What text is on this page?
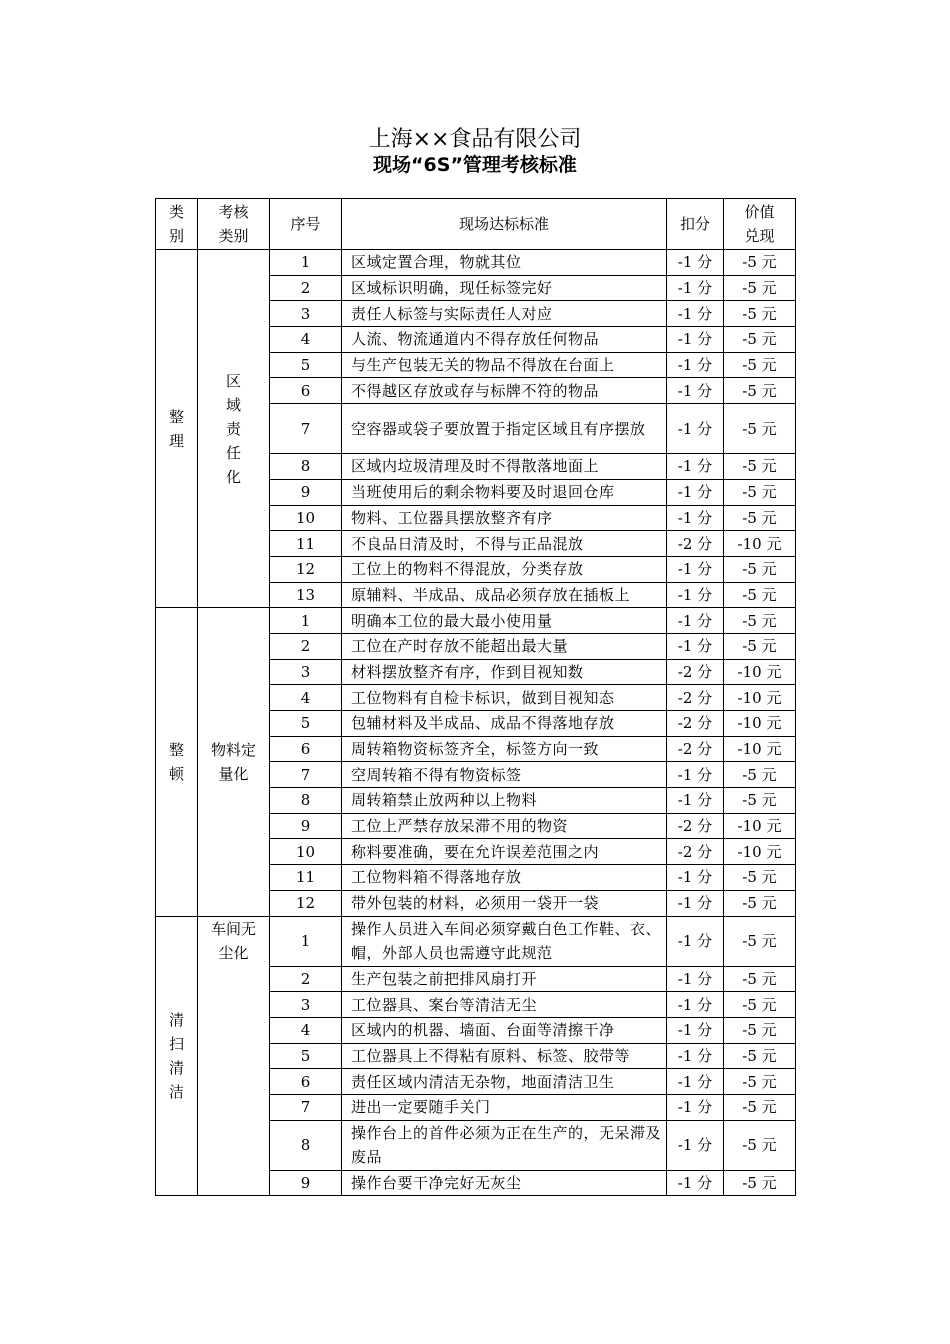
上海××食品有限公司
现场“6S”管理考核标准
类别	考核类别	序号	现场达标标准	扣分	价值兑现
整理	区域责任化	1	区域定置合理，物就其位	-1 分	-5 元
		2	区域标识明确，现任标签完好	-1 分	-5 元
		3	责任人标签与实际责任人对应	-1 分	-5 元
		4	人流、物流通道内不得存放任何物品	-1 分	-5 元
		5	与生产包装无关的物品不得放在台面上	-1 分	-5 元
		6	不得越区存放或存与标牌不符的物品	-1 分	-5 元
		7	空容器或袋子要放置于指定区域且有序摆放	-1 分	-5 元
		8	区域内垃圾清理及时不得散落地面上	-1 分	-5 元
		9	当班使用后的剩余物料要及时退回仓库	-1 分	-5 元
		10	物料、工位器具摆放整齐有序	-1 分	-5 元
		11	不良品日清及时，不得与正品混放	-2 分	-10 元
		12	工位上的物料不得混放，分类存放	-1 分	-5 元
		13	原辅料、半成品、成品必须存放在插板上	-1 分	-5 元
整顿	物料定量化	1	明确本工位的最大最小使用量	-1 分	-5 元
		2	工位在产时存放不能超出最大量	-1 分	-5 元
		3	材料摆放整齐有序，作到目视知数	-2 分	-10 元
		4	工位物料有自检卡标识，做到目视知态	-2 分	-10 元
		5	包辅材料及半成品、成品不得落地存放	-2 分	-10 元
		6	周转箱物资标签齐全，标签方向一致	-2 分	-10 元
		7	空周转箱不得有物资标签	-1 分	-5 元
		8	周转箱禁止放两种以上物料	-1 分	-5 元
		9	工位上严禁存放呆滞不用的物资	-2 分	-10 元
		10	称料要准确，要在允许误差范围之内	-2 分	-10 元
		11	工位物料箱不得落地存放	-1 分	-5 元
		12	带外包装的材料，必须用一袋开一袋	-1 分	-5 元
清扫清洁	车间无尘化	1	操作人员进入车间必须穿戴白色工作鞋、衣、帽，外部人员也需遵守此规范	-1 分	-5 元
		2	生产包装之前把排风扇打开	-1 分	-5 元
		3	工位器具、案台等清洁无尘	-1 分	-5 元
		4	区域内的机器、墙面、台面等清擦干净	-1 分	-5 元
		5	工位器具上不得粘有原料、标签、胶带等	-1 分	-5 元
		6	责任区域内清洁无杂物，地面清洁卫生	-1 分	-5 元
		7	进出一定要随手关门	-1 分	-5 元
		8	操作台上的首件必须为正在生产的，无呆滞及废品	-1 分	-5 元
		9	操作台要干净完好无灰尘	-1 分	-5 元
